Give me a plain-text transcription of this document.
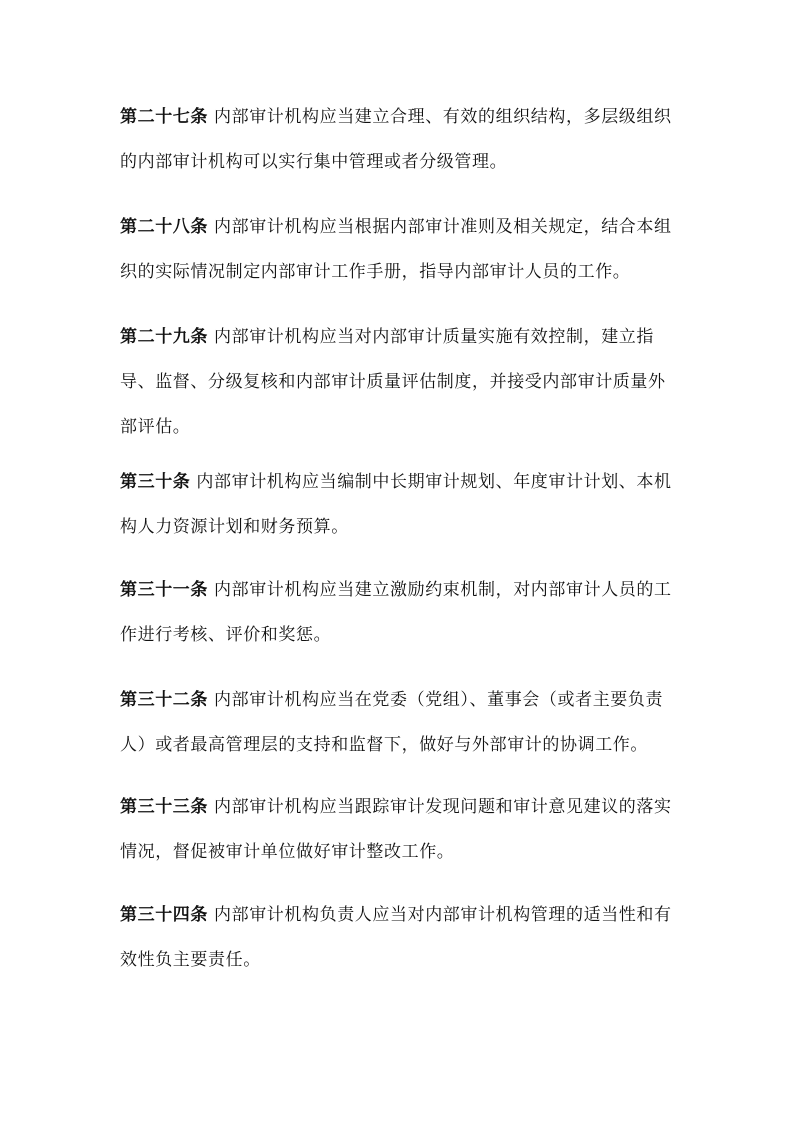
第二十七条 内部审计机构应当建立合理、有效的组织结构，多层级组织的内部审计机构可以实行集中管理或者分级管理。

第二十八条 内部审计机构应当根据内部审计准则及相关规定，结合本组织的实际情况制定内部审计工作手册，指导内部审计人员的工作。

第二十九条 内部审计机构应当对内部审计质量实施有效控制，建立指导、监督、分级复核和内部审计质量评估制度，并接受内部审计质量外部评估。

第三十条 内部审计机构应当编制中长期审计规划、年度审计计划、本机构人力资源计划和财务预算。

第三十一条 内部审计机构应当建立激励约束机制，对内部审计人员的工作进行考核、评价和奖惩。

第三十二条 内部审计机构应当在党委（党组）、董事会（或者主要负责人）或者最高管理层的支持和监督下，做好与外部审计的协调工作。

第三十三条 内部审计机构应当跟踪审计发现问题和审计意见建议的落实情况，督促被审计单位做好审计整改工作。

第三十四条 内部审计机构负责人应当对内部审计机构管理的适当性和有效性负主要责任。
